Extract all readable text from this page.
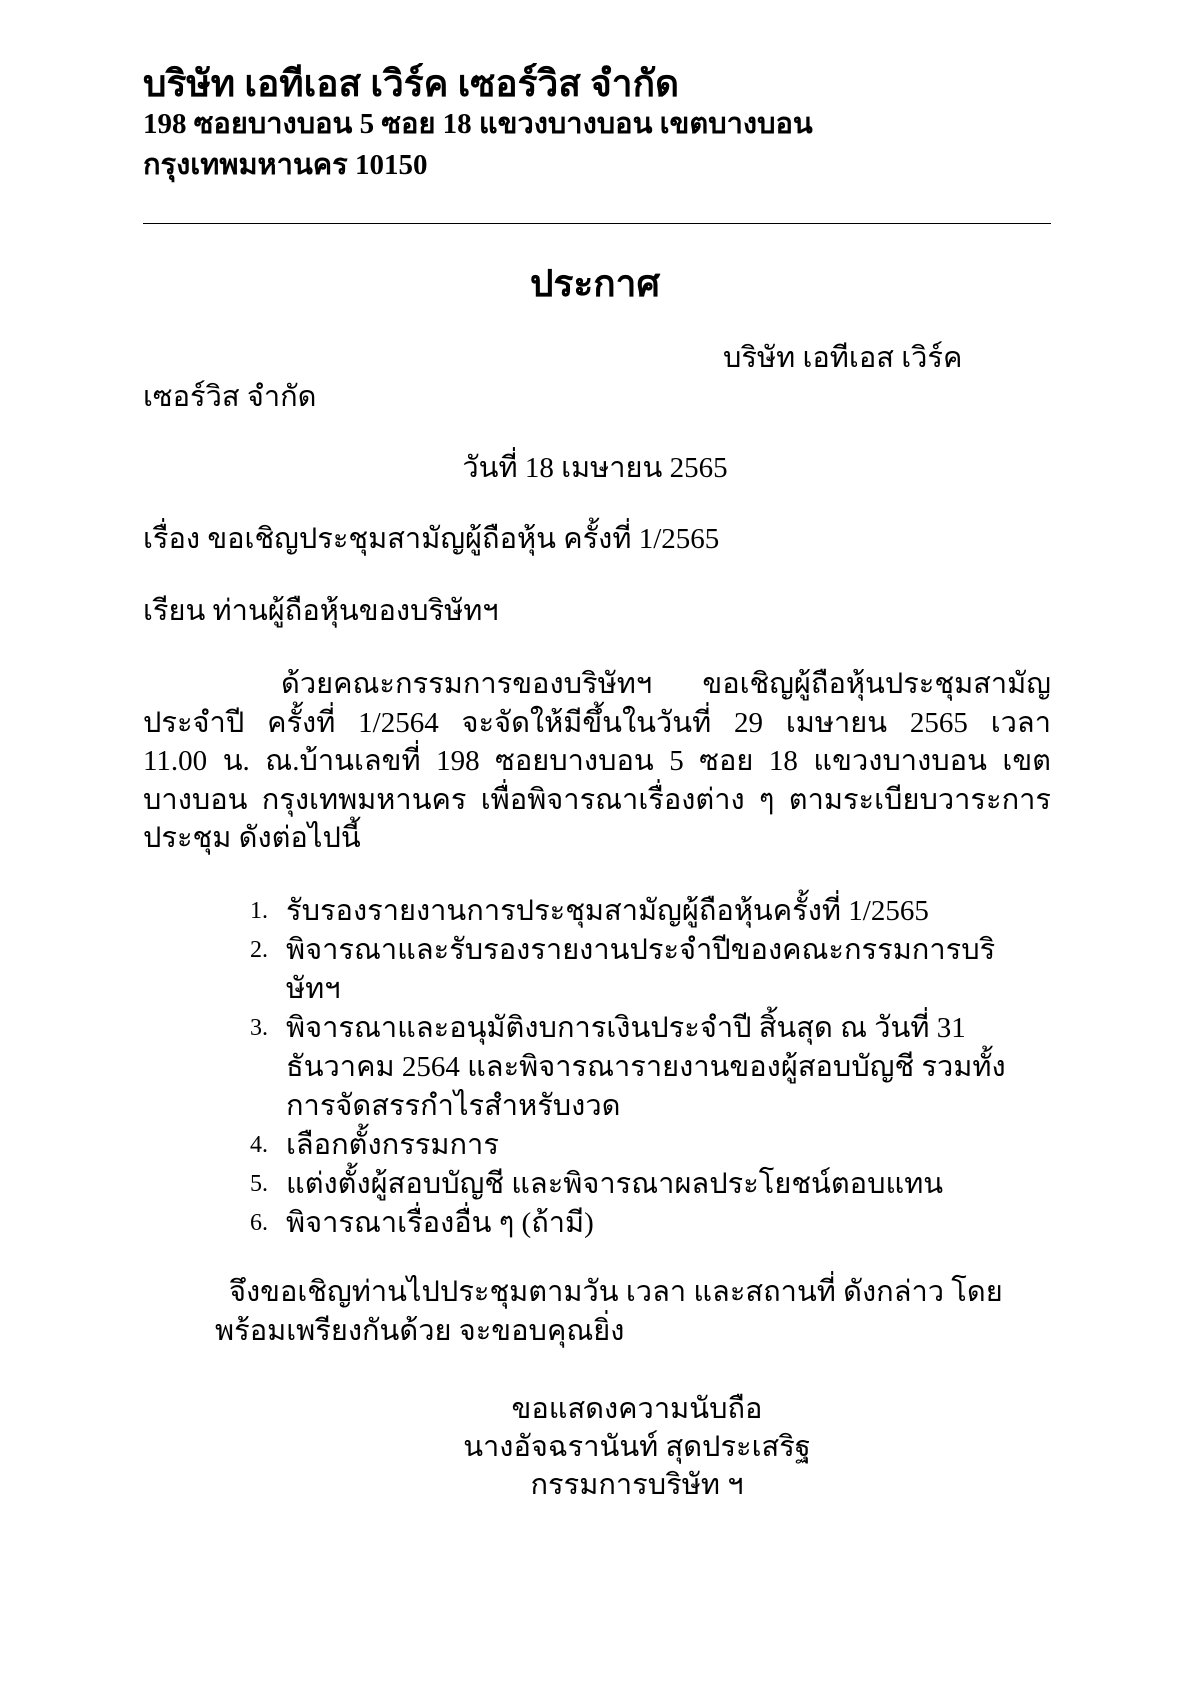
บริษัท เอทีเอส เวิร์ค เซอร์วิส จำกัด
198 ซอยบางบอน 5 ซอย 18 แขวงบางบอน เขตบางบอน
กรุงเทพมหานคร 10150
ประกาศ
บริษัท เอทีเอส เวิร์ค
เซอร์วิส จำกัด
วันที่ 18 เมษายน 2565
เรื่อง ขอเชิญประชุมสามัญผู้ถือหุ้น ครั้งที่ 1/2565
เรียน ท่านผู้ถือหุ้นของบริษัทฯ
ด้วยคณะกรรมการของบริษัทฯ ขอเชิญผู้ถือหุ้นประชุมสามัญ
ประจำปี ครั้งที่ 1/2564 จะจัดให้มีขึ้นในวันที่ 29 เมษายน 2565 เวลา
11.00 น. ณ.บ้านเลขที่ 198 ซอยบางบอน 5 ซอย 18 แขวงบางบอน เขต
บางบอน กรุงเทพมหานคร เพื่อพิจารณาเรื่องต่าง ๆ ตามระเบียบวาระการ
ประชุม ดังต่อไปนี้
1. รับรองรายงานการประชุมสามัญผู้ถือหุ้นครั้งที่ 1/2565
2. พิจารณาและรับรองรายงานประจำปีของคณะกรรมการบริ
ษัทฯ
3. พิจารณาและอนุมัติงบการเงินประจำปี สิ้นสุด ณ วันที่ 31
ธันวาคม 2564 และพิจารณารายงานของผู้สอบบัญชี รวมทั้ง
การจัดสรรกำไรสำหรับงวด
4. เลือกตั้งกรรมการ
5. แต่งตั้งผู้สอบบัญชี และพิจารณาผลประโยชน์ตอบแทน
6. พิจารณาเรื่องอื่น ๆ (ถ้ามี)
จึงขอเชิญท่านไปประชุมตามวัน เวลา และสถานที่ ดังกล่าว โดย
พร้อมเพรียงกันด้วย จะขอบคุณยิ่ง
ขอแสดงความนับถือ
นางอัจฉรานันท์ สุดประเสริฐ
กรรมการบริษัท ฯ
